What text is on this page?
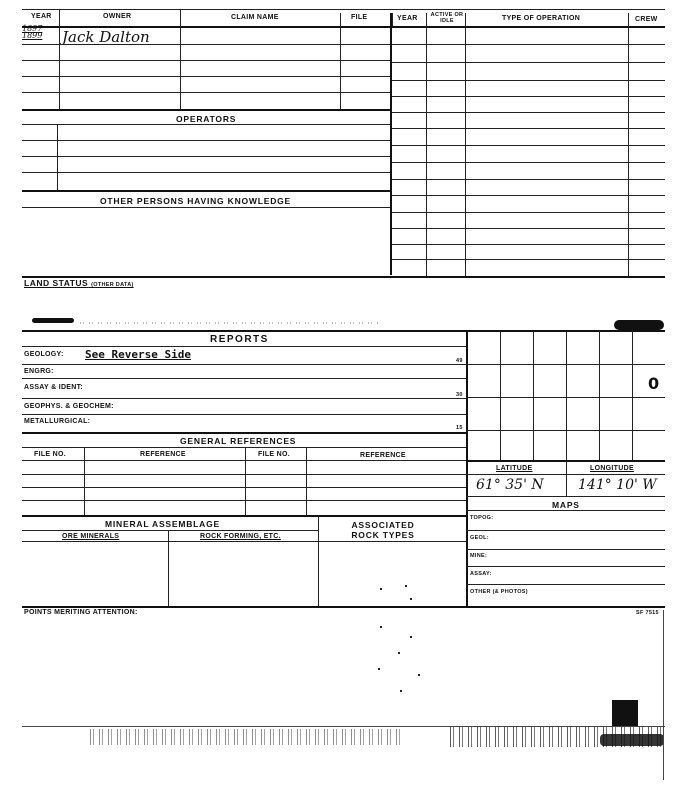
YEAR	OWNER	CLAIM NAME	FILE	YEAR ACTIVE OR IDLE	TYPE OF OPERATION	CREW
1897 1899 Jack Dalton
OPERATORS
OTHER PERSONS HAVING KNOWLEDGE
LAND STATUS (OTHER DATA)
REPORTS
GEOLOGY: See Reverse Side	49
ENGRG:
ASSAY & IDENT:
30
GEOPHYS. & GEOCHEM:
METALLURGICAL:
15
GENERAL REFERENCES
FILE NO.	REFERENCE	FILE NO.	REFERENCE
MINERAL ASSEMBLAGE	ASSOCIATED ROCK TYPES
ORE MINERALS	ROCK FORMING, ETC.
0
LATITUDE	LONGITUDE
61° 35' N 141° 10' W
MAPS
TOPOG:
GEOL:
MINE:
ASSAY:
OTHER (& PHOTOS)
POINTS MERITING ATTENTION:	SF 7515
